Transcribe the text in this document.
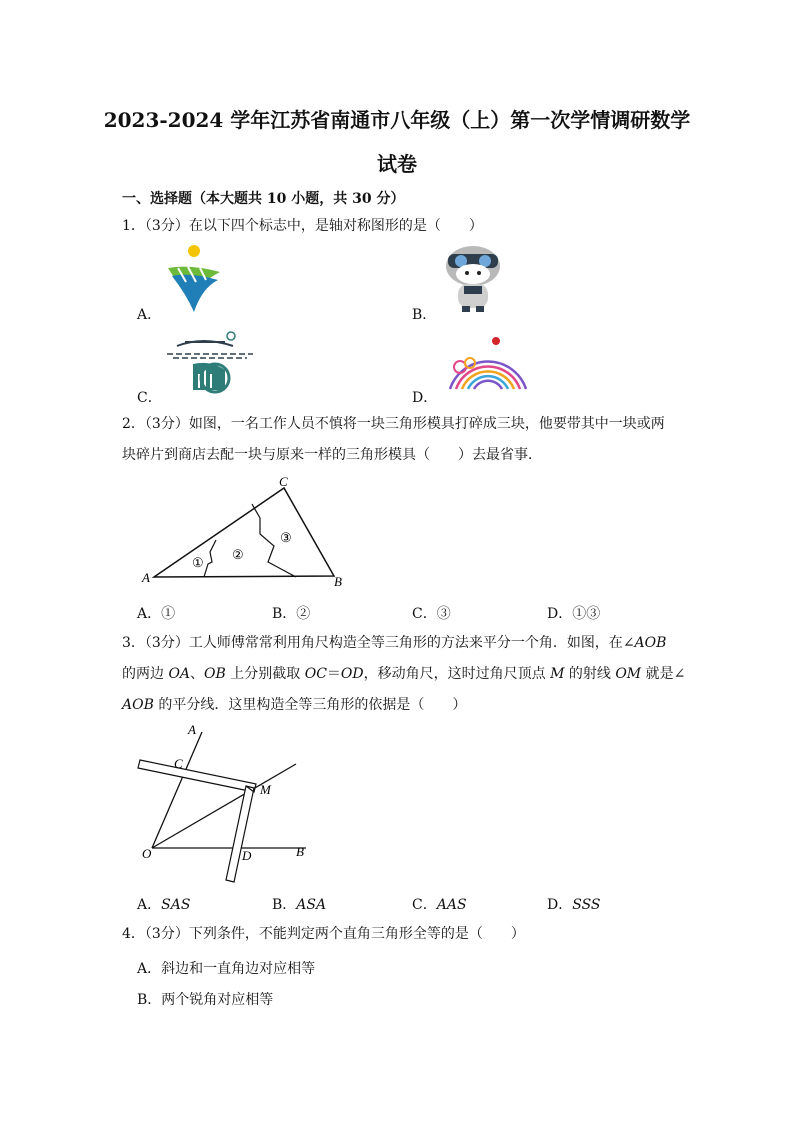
2023-2024 学年江苏省南通市八年级（上）第一次学情调研数学
试卷
一、选择题（本大题共 10 小题，共 30 分）
1．（3分）在以下四个标志中，是轴对称图形的是（　　）
A．	B．
C．	D．
2．（3分）如图，一名工作人员不慎将一块三角形模具打碎成三块，他要带其中一块或两
块碎片到商店去配一块与原来一样的三角形模具（　　）去最省事．
A	B
C
①
②
③
A．①	B．②	C．③	D．①③
3．（3分）工人师傅常常利用角尺构造全等三角形的方法来平分一个角．如图，在∠AOB
的两边 OA、OB 上分别截取 OC＝OD，移动角尺，这时过角尺顶点 M 的射线 OM 就是∠
AOB 的平分线．这里构造全等三角形的依据是（　　）
A
C
M
O	D	B
A．SAS	B．ASA	C．AAS	D．SSS
4．（3分）下列条件，不能判定两个直角三角形全等的是（　　）
A．斜边和一直角边对应相等
B．两个锐角对应相等
